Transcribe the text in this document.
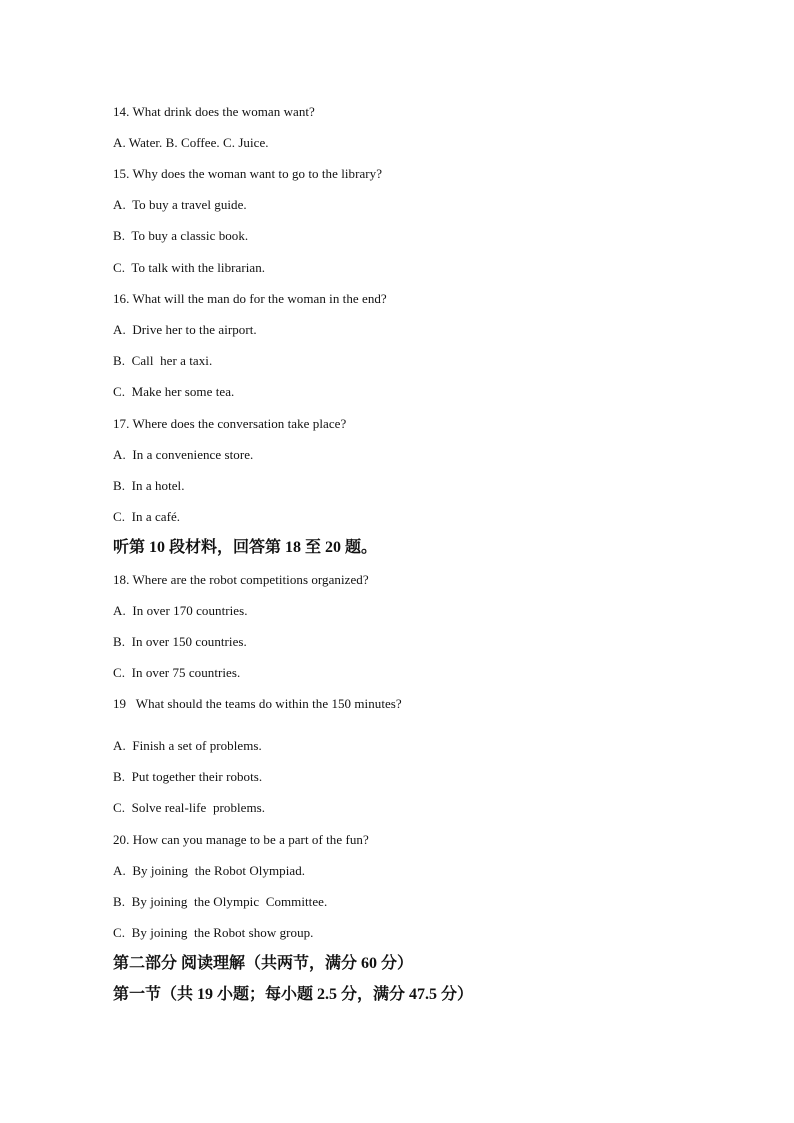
14. What drink does the woman want?
A. Water. B. Coffee. C. Juice.
15. Why does the woman want to go to the library?
A.  To buy a travel guide.
B.  To buy a classic book.
C.  To talk with the librarian.
16. What will the man do for the woman in the end?
A.  Drive her to the airport.
B.  Call  her a taxi.
C.  Make her some tea.
17. Where does the conversation take place?
A.  In a convenience store.
B.  In a hotel.
C.  In a café.
听第 10 段材料，回答第 18 至 20 题。
18. Where are the robot competitions organized?
A.  In over 170 countries.
B.  In over 150 countries.
C.  In over 75 countries.
19   What should the teams do within the 150 minutes?
A.  Finish a set of problems.
B.  Put together their robots.
C.  Solve real-life  problems.
20. How can you manage to be a part of the fun?
A.  By joining  the Robot Olympiad.
B.  By joining  the Olympic  Committee.
C.  By joining  the Robot show group.
第二部分 阅读理解（共两节，满分 60 分）
第一节（共 19 小题；每小题 2.5 分，满分 47.5 分）
